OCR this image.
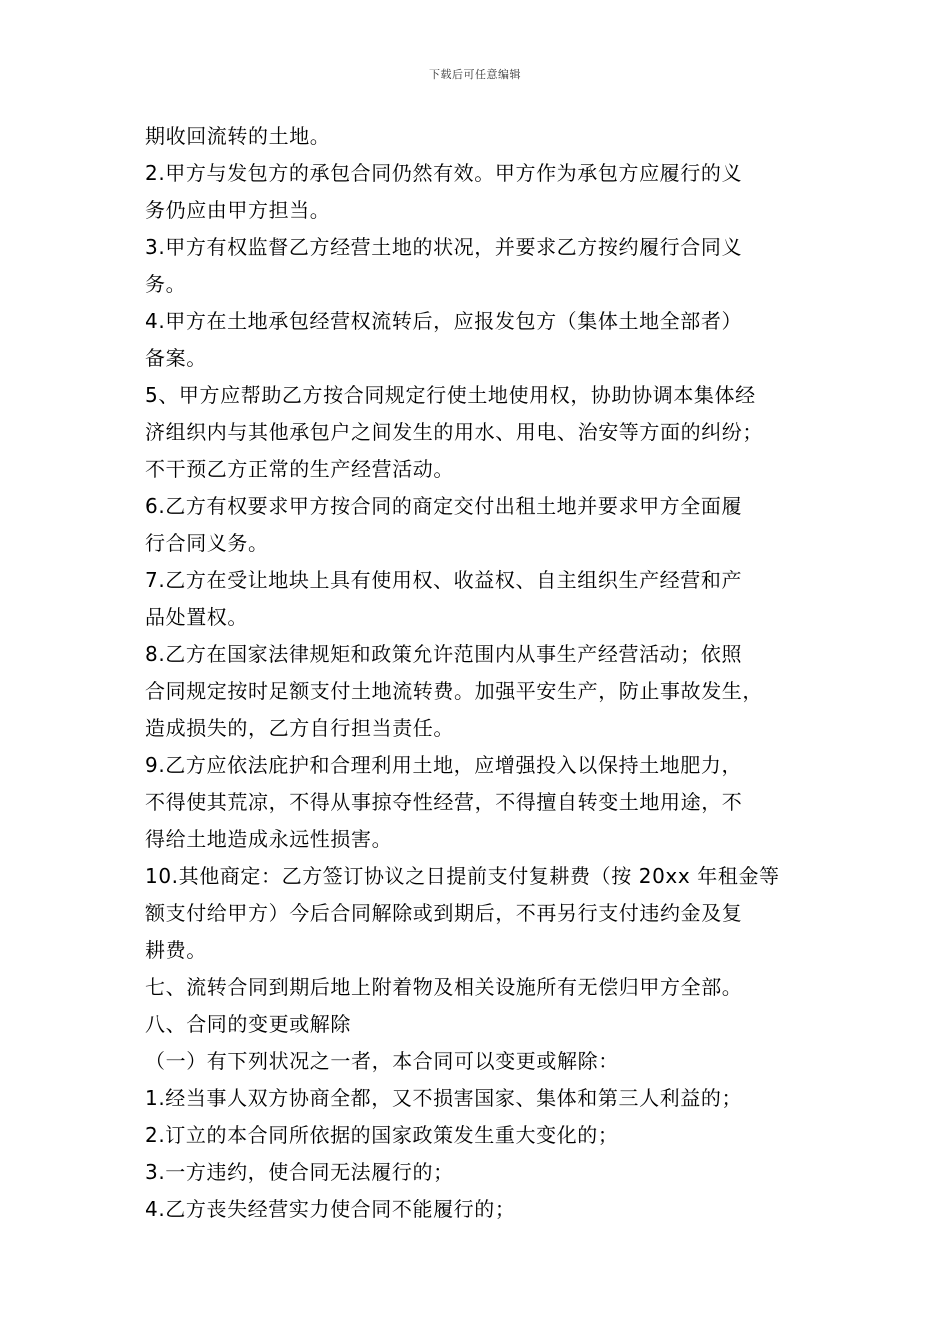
下载后可任意编辑
期收回流转的土地。
2.甲方与发包方的承包合同仍然有效。甲方作为承包方应履行的义
务仍应由甲方担当。
3.甲方有权监督乙方经营土地的状况，并要求乙方按约履行合同义
务。
4.甲方在土地承包经营权流转后，应报发包方（集体土地全部者）
备案。
5、甲方应帮助乙方按合同规定行使土地使用权，协助协调本集体经
济组织内与其他承包户之间发生的用水、用电、治安等方面的纠纷；
不干预乙方正常的生产经营活动。
6.乙方有权要求甲方按合同的商定交付出租土地并要求甲方全面履
行合同义务。
7.乙方在受让地块上具有使用权、收益权、自主组织生产经营和产
品处置权。
8.乙方在国家法律规矩和政策允许范围内从事生产经营活动；依照
合同规定按时足额支付土地流转费。加强平安生产，防止事故发生，
造成损失的，乙方自行担当责任。
9.乙方应依法庇护和合理利用土地，应增强投入以保持土地肥力，
不得使其荒凉，不得从事掠夺性经营，不得擅自转变土地用途，不
得给土地造成永远性损害。
10.其他商定：乙方签订协议之日提前支付复耕费（按 20xx 年租金等
额支付给甲方）今后合同解除或到期后，不再另行支付违约金及复
耕费。
七、流转合同到期后地上附着物及相关设施所有无偿归甲方全部。
八、合同的变更或解除
（一）有下列状况之一者，本合同可以变更或解除：
1.经当事人双方协商全都，又不损害国家、集体和第三人利益的；
2.订立的本合同所依据的国家政策发生重大变化的；
3.一方违约，使合同无法履行的；
4.乙方丧失经营实力使合同不能履行的；
